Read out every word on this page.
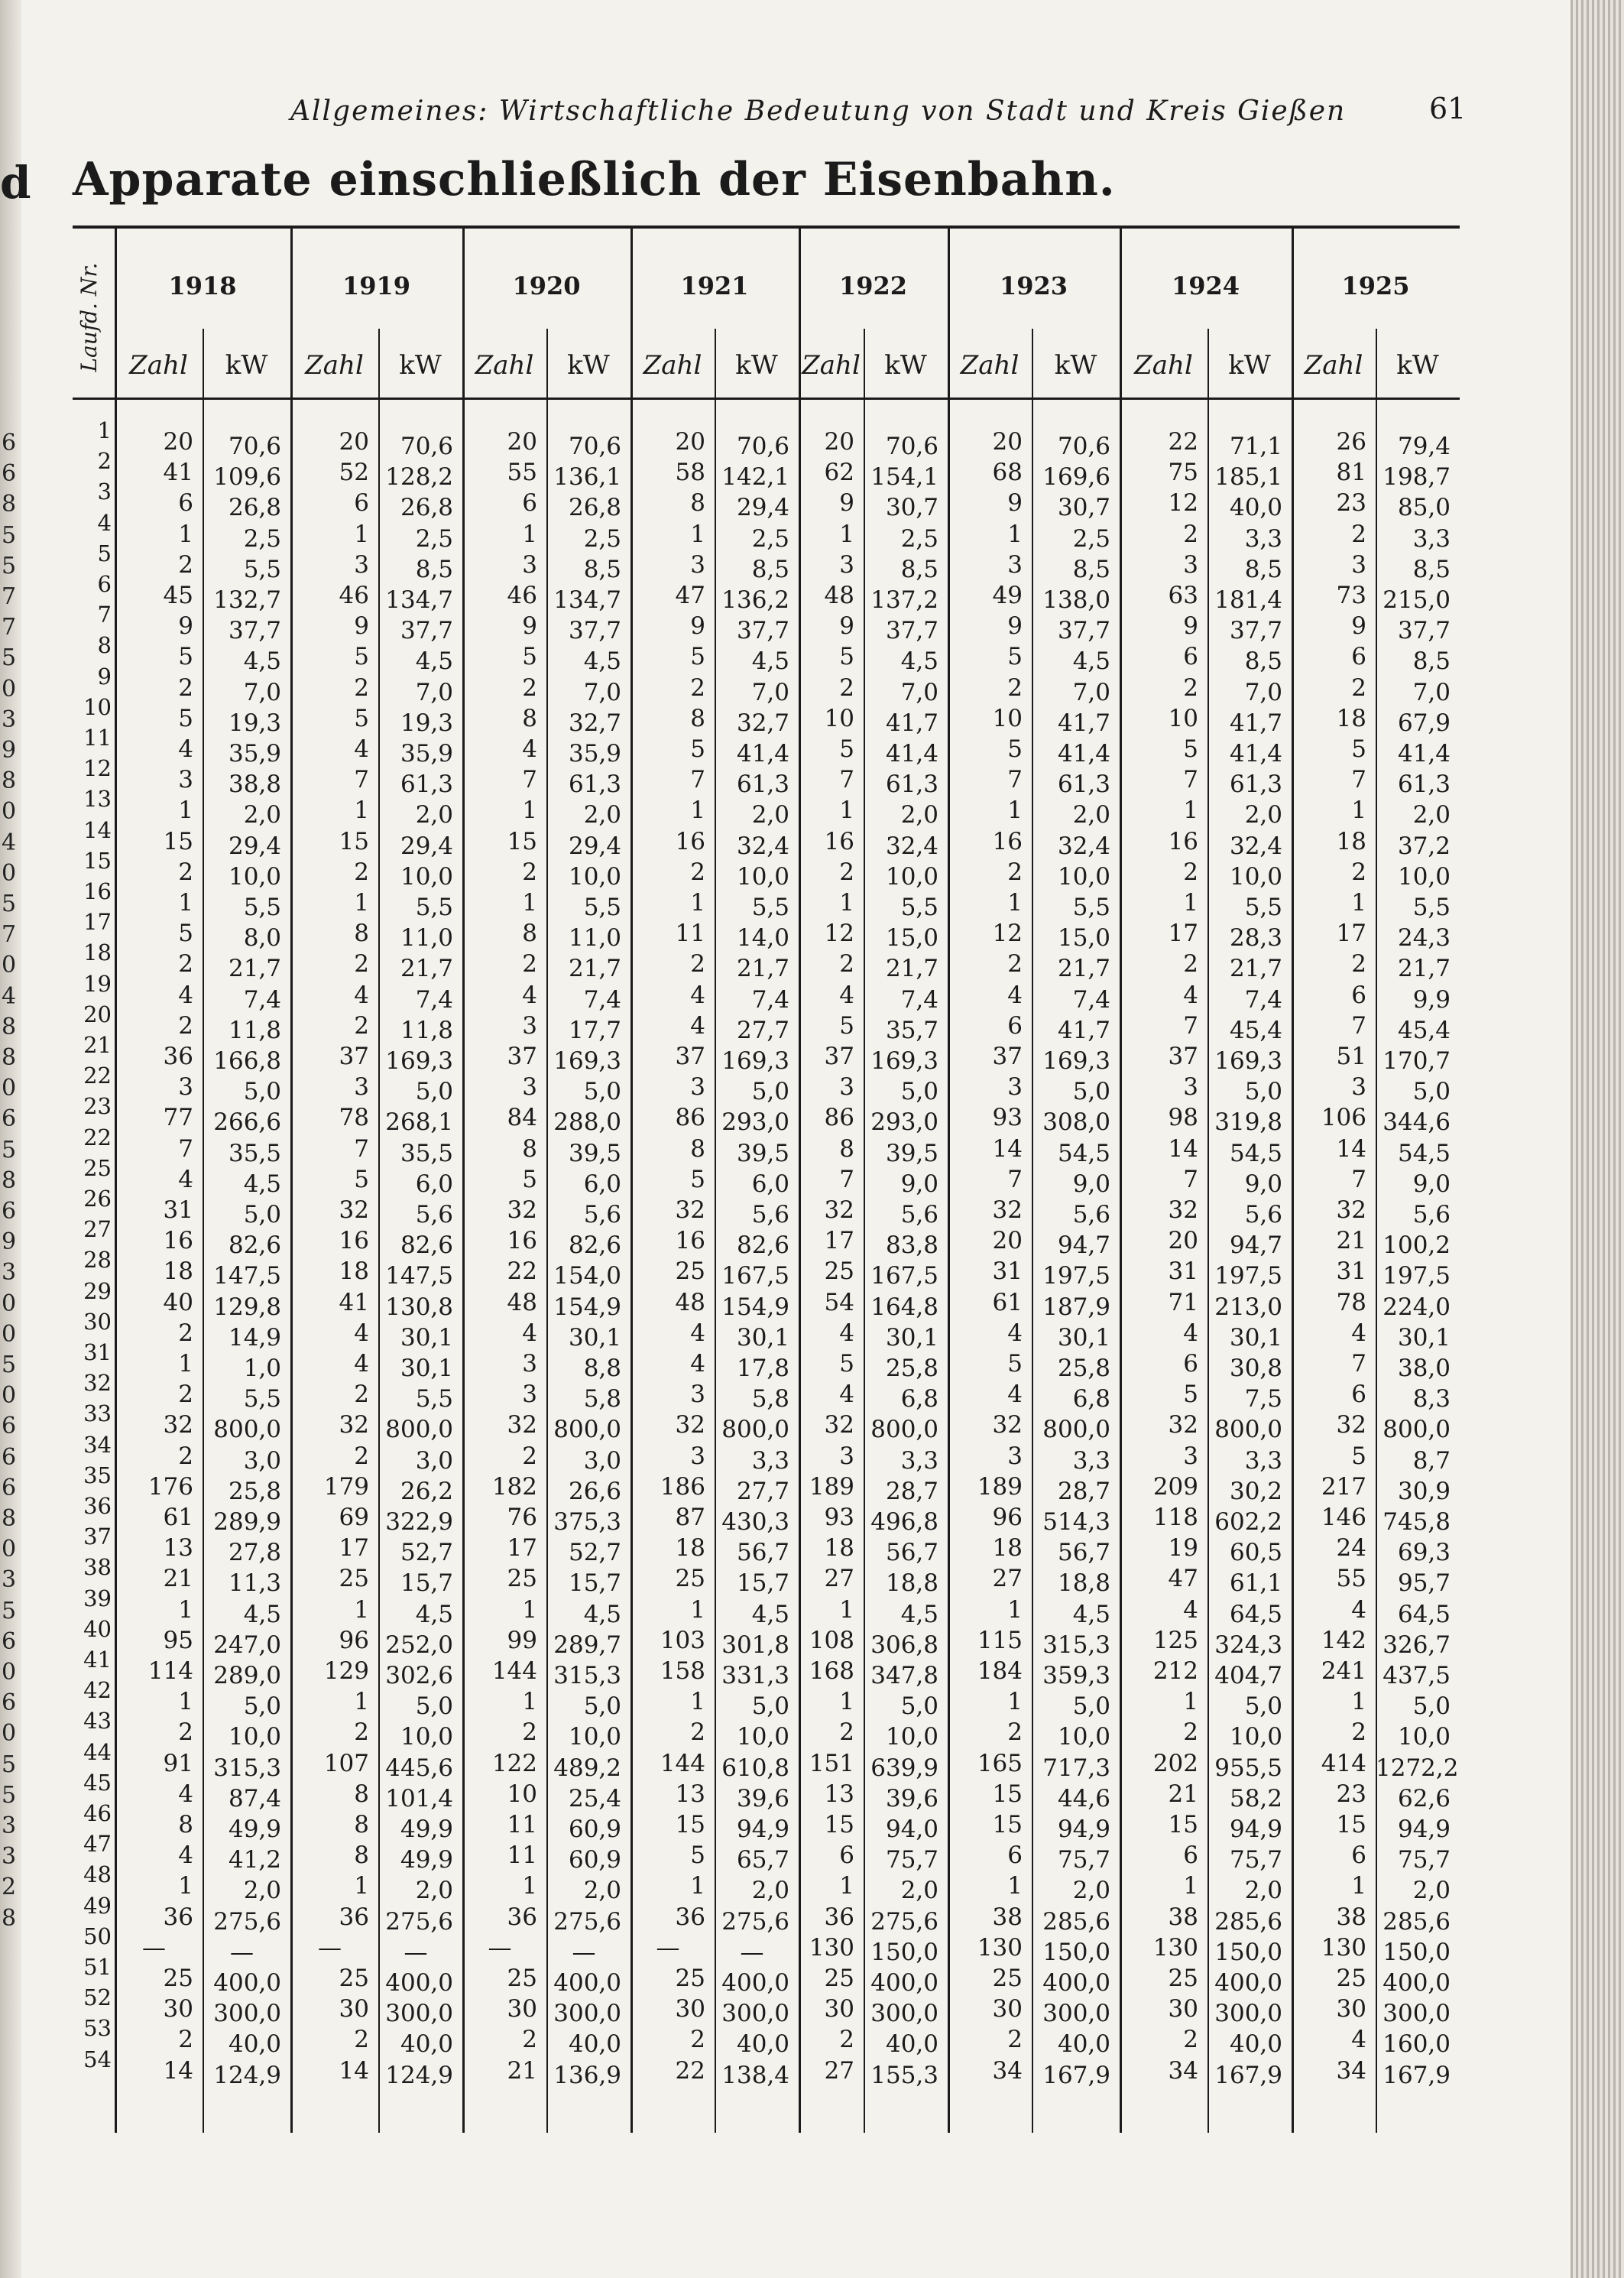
d
6
6
8
5
5
7
7
5
0
3
9
8
0
4
0
5
7
0
4
8
8
0
6
5
8
6
9
3
0
0
5
0
6
6
6
8
0
3
5
6
0
6
0
5
5
3
3
2
8
Allgemeines: Wirtschaftliche Bedeutung von Stadt und Kreis Gießen	61
Apparate einschließlich der Eisenbahn.
Laufd. Nr.	1918
Zahl	kW
1919
Zahl	kW
1920
Zahl	kW
1921
Zahl	kW
1922
Zahl kW
1923
Zahl	kW
1924
Zahl	kW
1925
Zahl	kW
1	20	70,6	20	70,6	20	70,6	20	70,6	20	70,6	20	70,6	22	71,1	26	79,4
2	41 109,6	52 128,2	55 136,1	58 142,1	62 154,1	68 169,6	75 185,1	81 198,7
3	6	26,8	6	26,8	6	26,8	8	29,4	9	30,7	9	30,7	12	40,0	23	85,0
4	1	2,5	1	2,5	1	2,5	1	2,5	1	2,5	1	2,5	2	3,3	2	3,3
5	2	5,5	3	8,5	3	8,5	3	8,5	3	8,5	3	8,5	3	8,5	3	8,5
6	45 132,7	46 134,7	46 134,7	47 136,2	48 137,2	49 138,0	63 181,4	73 215,0
7	9	37,7	9	37,7	9	37,7	9	37,7	9	37,7	9	37,7	9	37,7	9	37,7
8	5	4,5	5	4,5	5	4,5	5	4,5	5	4,5	5	4,5	6	8,5	6	8,5
9	2	7,0	2	7,0	2	7,0	2	7,0	2	7,0	2	7,0	2	7,0	2	7,0
10	5	19,3	5	19,3	8	32,7	8	32,7	10	41,7	10	41,7	10	41,7	18	67,9
11	4	35,9	4	35,9	4	35,9	5	41,4	5	41,4	5	41,4	5	41,4	5	41,4
12	3	38,8	7	61,3	7	61,3	7	61,3	7	61,3	7	61,3	7	61,3	7	61,3
13	1	2,0	1	2,0	1	2,0	1	2,0	1	2,0	1	2,0	1	2,0	1	2,0
14	15	29,4	15	29,4	15	29,4	16	32,4	16	32,4	16	32,4	16	32,4	18	37,2
15	2	10,0	2	10,0	2	10,0	2	10,0	2	10,0	2	10,0	2	10,0	2	10,0
16	1	5,5	1	5,5	1	5,5	1	5,5	1	5,5	1	5,5	1	5,5	1	5,5
17	5	8,0	8	11,0	8	11,0	11	14,0	12	15,0	12	15,0	17	28,3	17	24,3
18	2	21,7	2	21,7	2	21,7	2	21,7	2	21,7	2	21,7	2	21,7	2	21,7
19	4	7,4	4	7,4	4	7,4	4	7,4	4	7,4	4	7,4	4	7,4	6	9,9
20	2	11,8	2	11,8	3	17,7	4	27,7	5	35,7	6	41,7	7	45,4	7	45,4
21	36 166,8	37 169,3	37 169,3	37 169,3	37 169,3	37 169,3	37 169,3	51 170,7
22	3	5,0	3	5,0	3	5,0	3	5,0	3	5,0	3	5,0	3	5,0	3	5,0
23	77 266,6	78 268,1	84 288,0	86 293,0	86 293,0	93 308,0	98 319,8	106 344,6
22	7	35,5	7	35,5	8	39,5	8	39,5	8	39,5	14	54,5	14	54,5	14	54,5
25	4	4,5	5	6,0	5	6,0	5	6,0	7	9,0	7	9,0	7	9,0	7	9,0
26	31	5,0	32	5,6	32	5,6	32	5,6	32	5,6	32	5,6	32	5,6	32	5,6
27	16	82,6	16	82,6	16	82,6	16	82,6	17	83,8	20	94,7	20	94,7	21 100,2
28	18 147,5	18 147,5	22 154,0	25 167,5	25 167,5	31 197,5	31 197,5	31 197,5
29	40 129,8	41 130,8	48 154,9	48 154,9	54 164,8	61 187,9	71 213,0	78 224,0
30	2	14,9	4	30,1	4	30,1	4	30,1	4	30,1	4	30,1	4	30,1	4	30,1
31	1	1,0	4	30,1	3	8,8	4	17,8	5	25,8	5	25,8	6	30,8	7	38,0
32	2	5,5	2	5,5	3	5,8	3	5,8	4	6,8	4	6,8	5	7,5	6	8,3
33	32 800,0	32 800,0	32 800,0	32 800,0	32 800,0	32 800,0	32 800,0	32 800,0
34	2	3,0	2	3,0	2	3,0	3	3,3	3	3,3	3	3,3	3	3,3	5	8,7
35	176	25,8	179	26,2	182	26,6	186	27,7 189	28,7	189	28,7	209	30,2	217	30,9
36	61 289,9	69 322,9	76 375,3	87 430,3	93 496,8	96 514,3	118 602,2	146 745,8
37	13	27,8	17	52,7	17	52,7	18	56,7	18	56,7	18	56,7	19	60,5	24	69,3
38	21	11,3	25	15,7	25	15,7	25	15,7	27	18,8	27	18,8	47	61,1	55	95,7
39	1	4,5	1	4,5	1	4,5	1	4,5	1	4,5	1	4,5	4	64,5	4	64,5
40	95 247,0	96 252,0	99 289,7	103 301,8 108 306,8	115 315,3	125 324,3	142 326,7
41	114 289,0	129 302,6	144 315,3	158 331,3 168 347,8	184 359,3	212 404,7	241 437,5
42	1	5,0	1	5,0	1	5,0	1	5,0	1	5,0	1	5,0	1	5,0	1	5,0
43	2	10,0	2	10,0	2	10,0	2	10,0	2	10,0	2	10,0	2	10,0	2	10,0
44	91 315,3	107 445,6	122 489,2	144 610,8 151 639,9	165 717,3	202 955,5	414 1272,2
45	4	87,4	8 101,4	10	25,4	13	39,6	13	39,6	15	44,6	21	58,2	23	62,6
46	8	49,9	8	49,9	11	60,9	15	94,9	15	94,0	15	94,9	15	94,9	15	94,9
47	4	41,2	8	49,9	11	60,9	5	65,7	6	75,7	6	75,7	6	75,7	6	75,7
48	1	2,0	1	2,0	1	2,0	1	2,0	1	2,0	1	2,0	1	2,0	1	2,0
49	36 275,6	36 275,6	36 275,6	36 275,6	36 275,6	38 285,6	38 285,6	38 285,6
50	—	—	—	—	—	—	—	—	130 150,0	130 150,0	130 150,0	130 150,0
51	25 400,0	25 400,0	25 400,0	25 400,0	25 400,0	25 400,0	25 400,0	25 400,0
52	30 300,0	30 300,0	30 300,0	30 300,0	30 300,0	30 300,0	30 300,0	30 300,0
53	2	40,0	2	40,0	2	40,0	2	40,0	2	40,0	2	40,0	2	40,0	4 160,0
54	14 124,9	14 124,9	21 136,9	22 138,4	27 155,3	34 167,9	34 167,9	34 167,9
